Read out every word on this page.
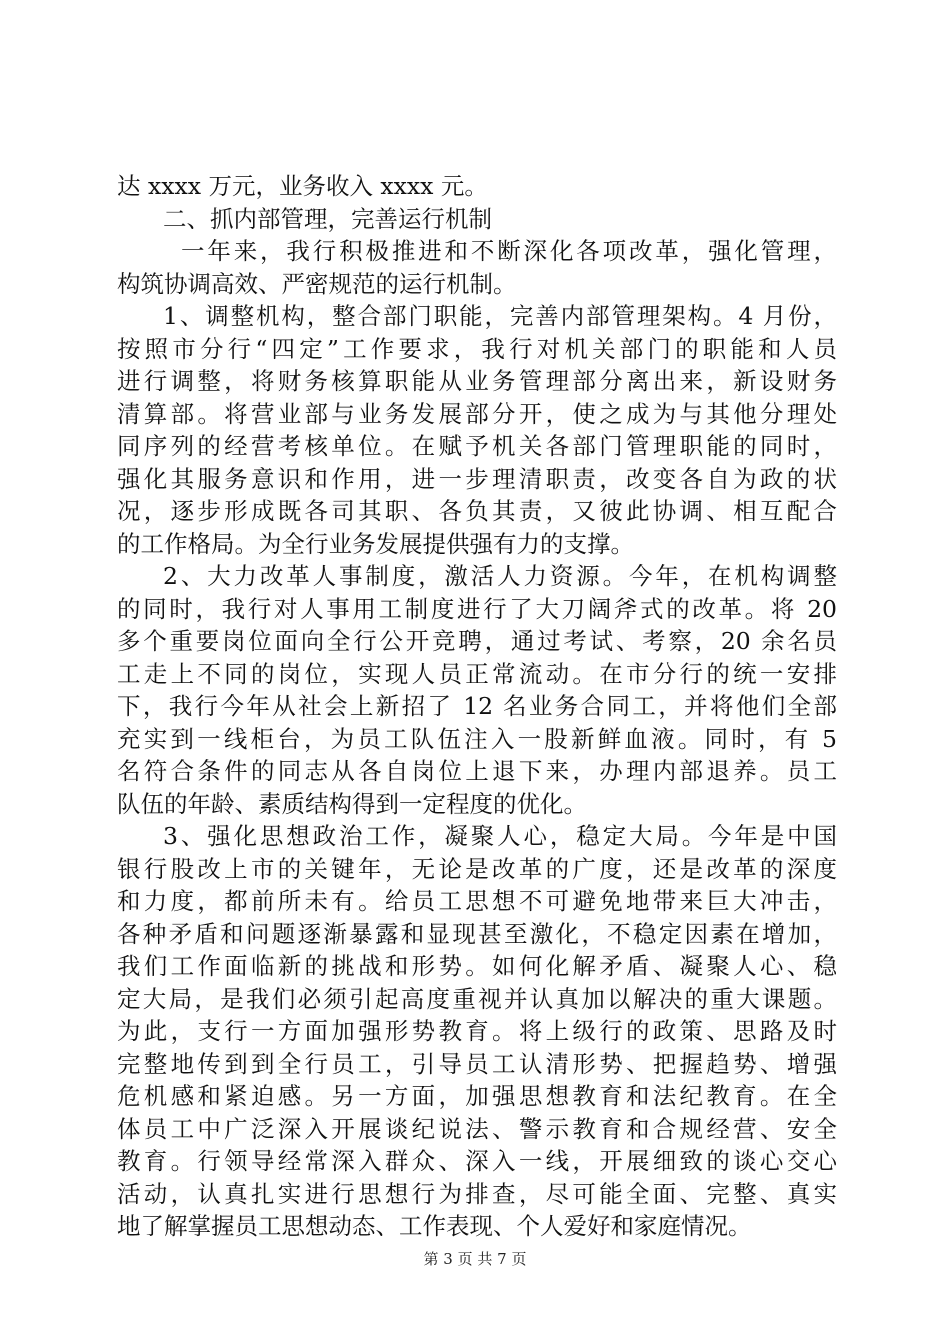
达 xxxx 万元，业务收入 xxxx 元。
二、抓内部管理，完善运行机制
一年来，我行积极推进和不断深化各项改革，强化管理，
构筑协调高效、严密规范的运行机制。
1、调整机构，整合部门职能，完善内部管理架构。4 月份，
按照市分行“四定”工作要求，我行对机关部门的职能和人员
进行调整，将财务核算职能从业务管理部分离出来，新设财务
清算部。将营业部与业务发展部分开，使之成为与其他分理处
同序列的经营考核单位。在赋予机关各部门管理职能的同时，
强化其服务意识和作用，进一步理清职责，改变各自为政的状
况，逐步形成既各司其职、各负其责，又彼此协调、相互配合
的工作格局。为全行业务发展提供强有力的支撑。
2、大力改革人事制度，激活人力资源。今年，在机构调整
的同时，我行对人事用工制度进行了大刀阔斧式的改革。将 20
多个重要岗位面向全行公开竞聘，通过考试、考察，20 余名员
工走上不同的岗位，实现人员正常流动。在市分行的统一安排
下，我行今年从社会上新招了 12 名业务合同工，并将他们全部
充实到一线柜台，为员工队伍注入一股新鲜血液。同时，有 5
名符合条件的同志从各自岗位上退下来，办理内部退养。员工
队伍的年龄、素质结构得到一定程度的优化。
3、强化思想政治工作，凝聚人心，稳定大局。今年是中国
银行股改上市的关键年，无论是改革的广度，还是改革的深度
和力度，都前所未有。给员工思想不可避免地带来巨大冲击，
各种矛盾和问题逐渐暴露和显现甚至激化，不稳定因素在增加，
我们工作面临新的挑战和形势。如何化解矛盾、凝聚人心、稳
定大局，是我们必须引起高度重视并认真加以解决的重大课题。
为此，支行一方面加强形势教育。将上级行的政策、思路及时
完整地传到到全行员工，引导员工认清形势、把握趋势、增强
危机感和紧迫感。另一方面，加强思想教育和法纪教育。在全
体员工中广泛深入开展谈纪说法、警示教育和合规经营、安全
教育。行领导经常深入群众、深入一线，开展细致的谈心交心
活动，认真扎实进行思想行为排查，尽可能全面、完整、真实
地了解掌握员工思想动态、工作表现、个人爱好和家庭情况。
第 3 页 共 7 页
